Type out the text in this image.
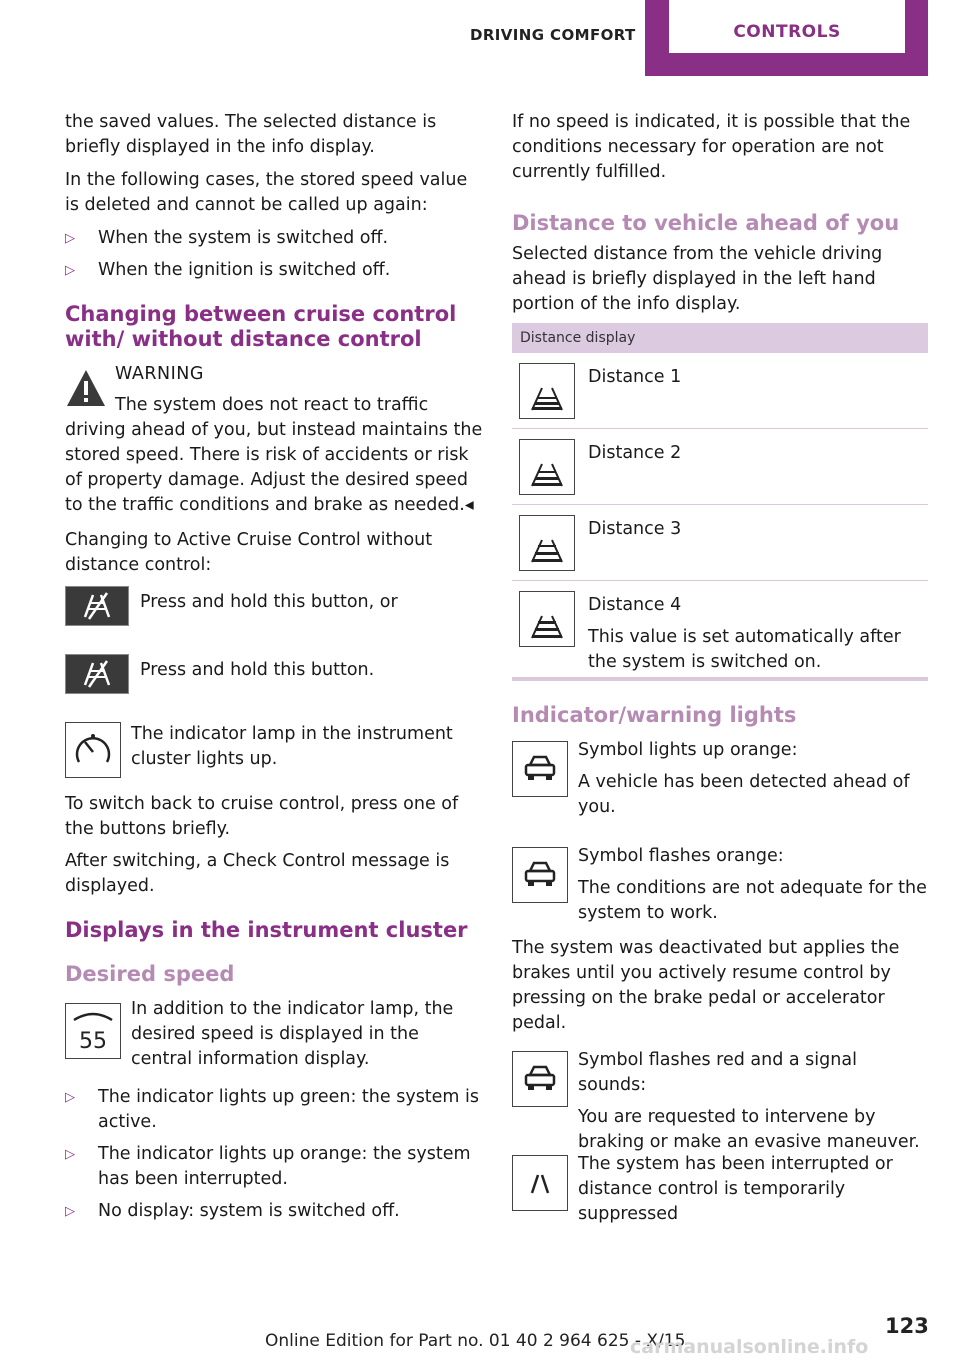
DRIVING COMFORT	CONTROLS

the saved values. The selected distance is briefly displayed in the info display.

In the following cases, the stored speed value is deleted and cannot be called up again:

▷ When the system is switched off.
▷ When the ignition is switched off.
Changing between cruise control with/ without distance control
WARNING

The system does not react to traffic driving ahead of you, but instead maintains the stored speed. There is risk of accidents or risk of property damage. Adjust the desired speed to the traffic conditions and brake as needed.◂

Changing to Active Cruise Control without distance control:

Press and hold this button, or

Press and hold this button.

The indicator lamp in the instrument cluster lights up.

To switch back to cruise control, press one of the buttons briefly.

After switching, a Check Control message is displayed.

Displays in the instrument cluster
Desired speed
55

In addition to the indicator lamp, the desired speed is displayed in the central information display.

▷ The indicator lights up green: the system is active.
▷ The indicator lights up orange: the system has been interrupted.
▷ No display: system is switched off.

If no speed is indicated, it is possible that the conditions necessary for operation are not currently fulfilled.

Distance to vehicle ahead of you

Selected distance from the vehicle driving ahead is briefly displayed in the left hand portion of the info display.

Distance display
Distance 1
Distance 2
Distance 3
Distance 4
This value is set automatically after the system is switched on.
Indicator/warning lights

Symbol lights up orange:

A vehicle has been detected ahead of you.

Symbol flashes orange:

The conditions are not adequate for the system to work.

The system was deactivated but applies the brakes until you actively resume control by pressing on the brake pedal or accelerator pedal.

Symbol flashes red and a signal sounds:

You are requested to intervene by braking or make an evasive maneuver.

The system has been interrupted or distance control is temporarily suppressed

Online Edition for Part no. 01 40 2 964 625 - X/15
123
carmanualsonline.info
